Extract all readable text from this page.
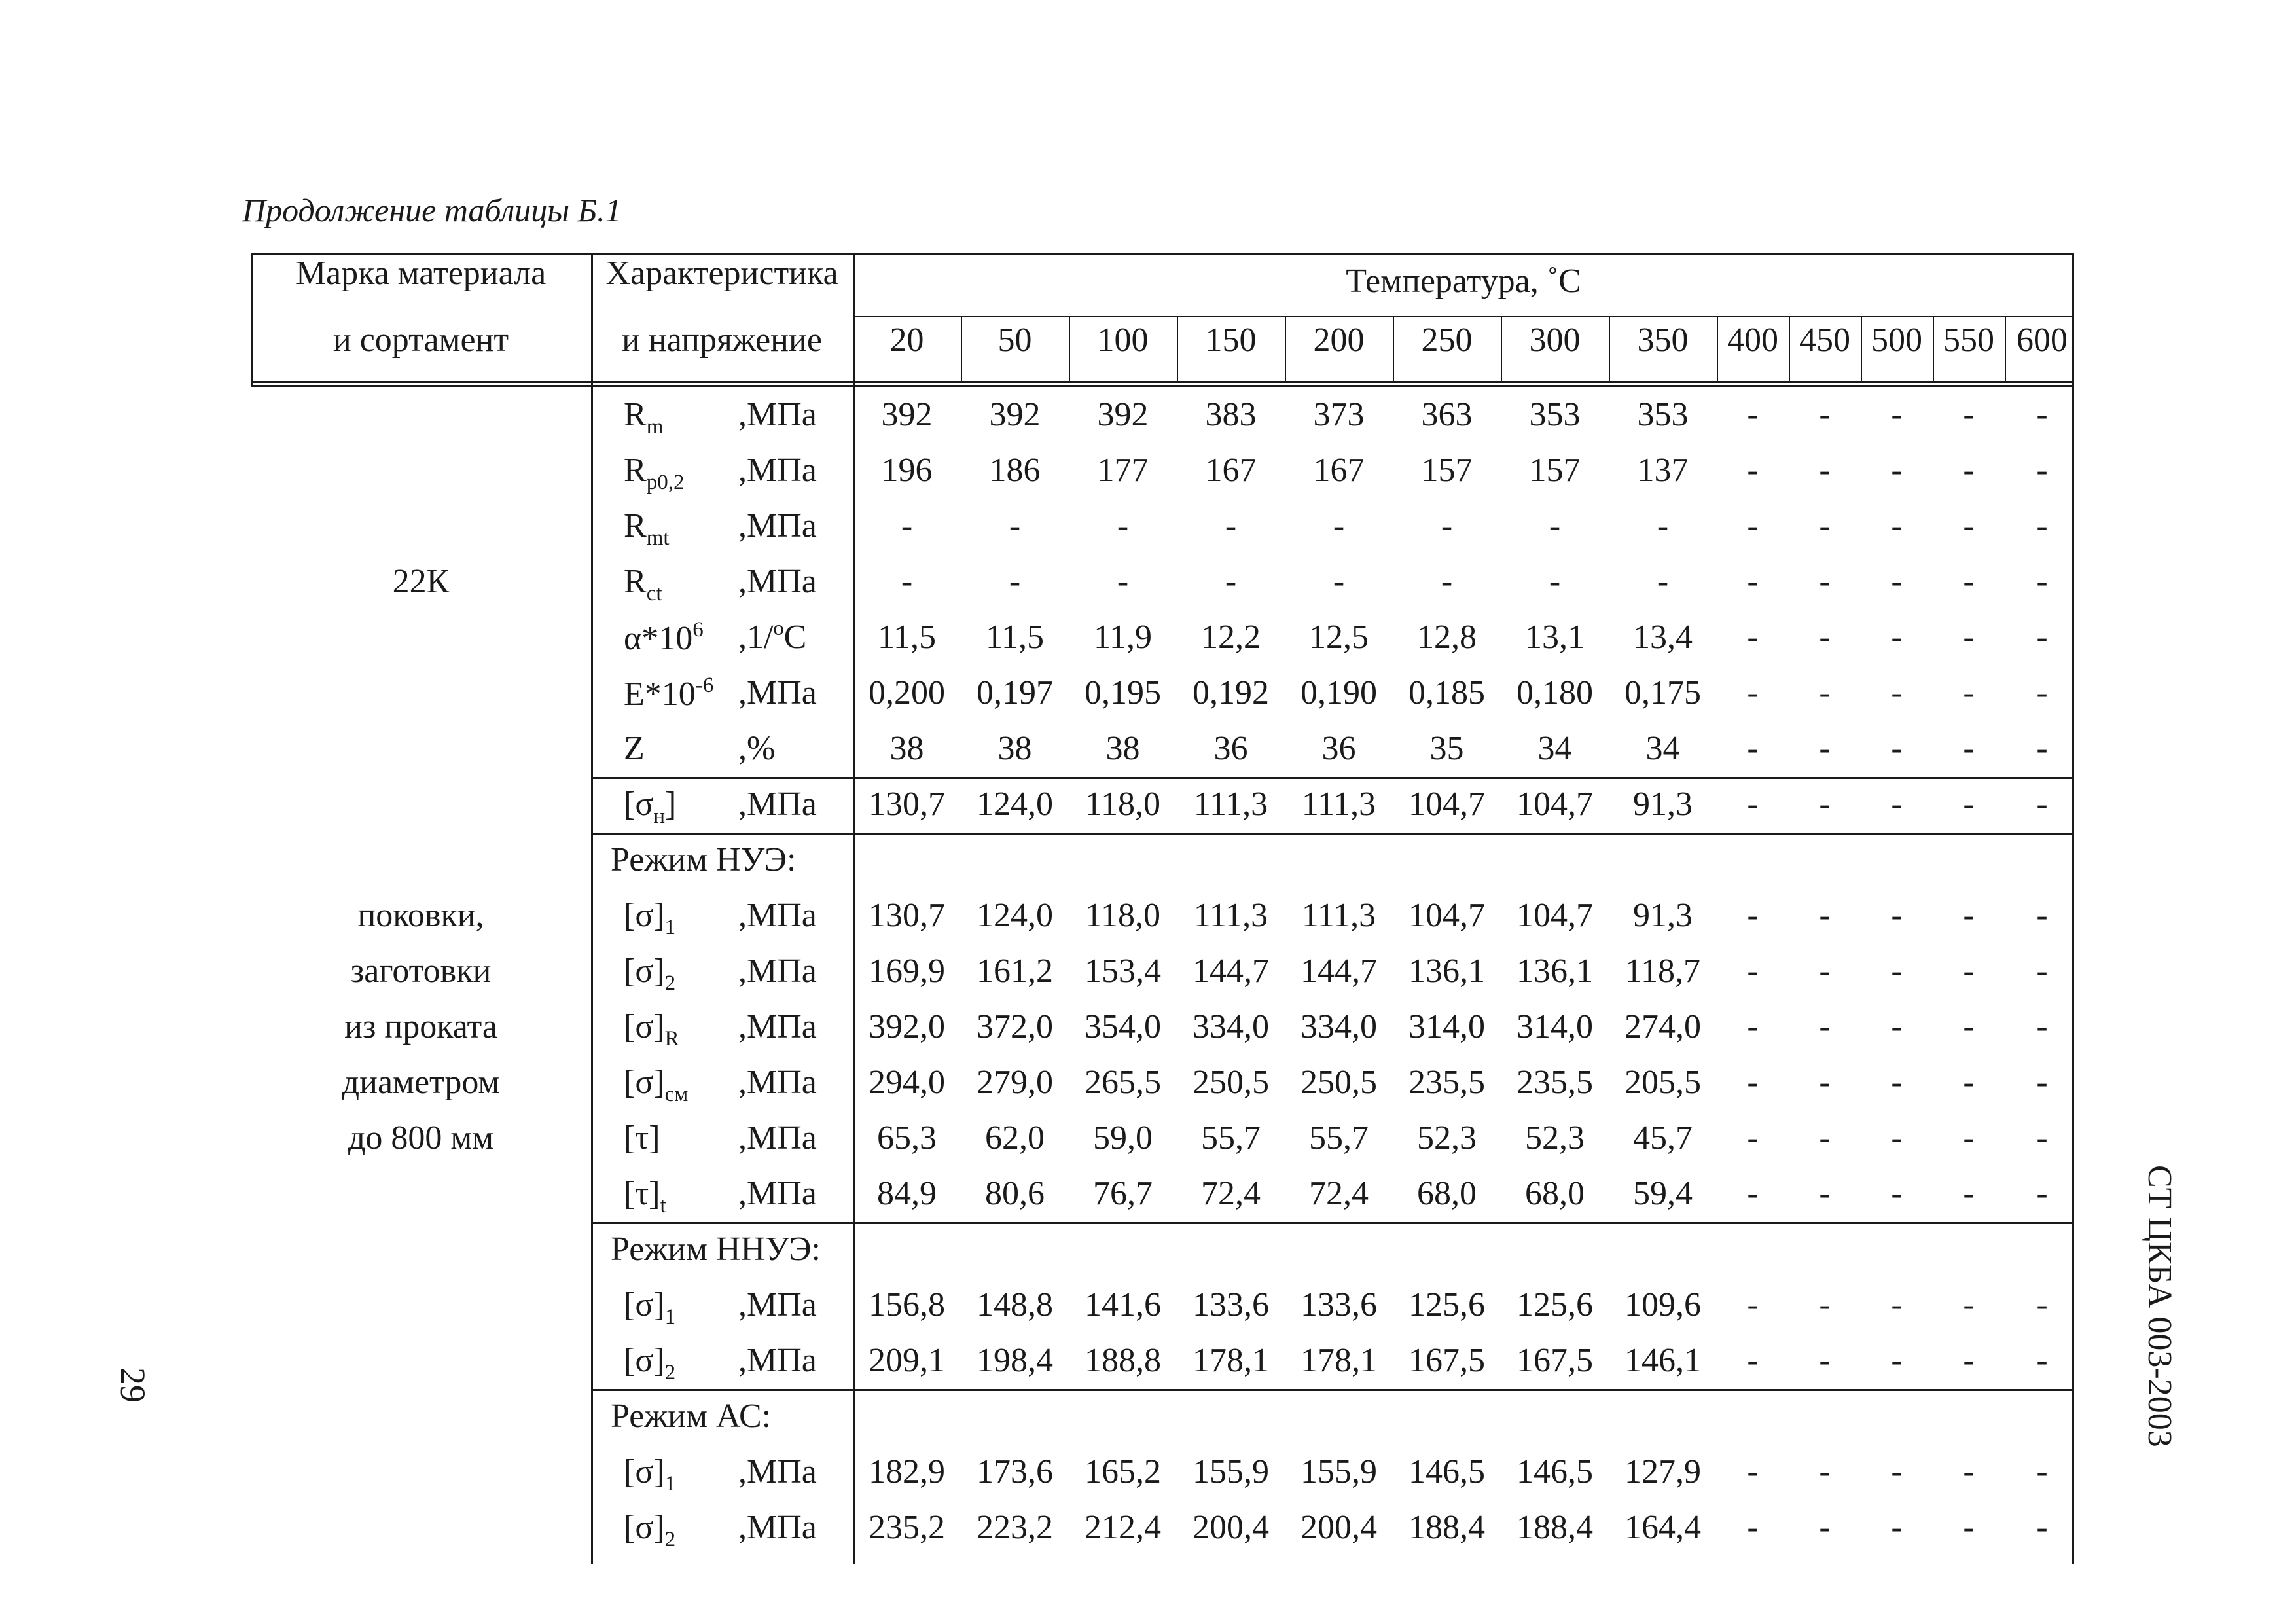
Продолжение таблицы Б.1
СТ ЦКБА 003-2003
29
Марка материала
и сортамент
Характеристика
и напряжение
Температура, ˚С
20	50	100	150	200	250	300	350	400 450 500 550 600
22К
поковки,
заготовки
из проката
диаметром
до 800 мм
$R_m$ ,МПа	392	392	392	383	373	363	353	353	-	-	-	-	-
$R_{p0,2}$ ,МПа	196	186	177	167	167	157	157	137	-	-	-	-	-
$R_{mt}$ ,МПа	-	-	-	-	-	-	-	-	-	-	-	-	-
$R_{ct}$ ,МПа	-	-	-	-	-	-	-	-	-	-	-	-	-
$\alpha*10^6$ ,1/ºС	11,5	11,5	11,9	12,2	12,5	12,8	13,1	13,4	-	-	-	-	-
$E*10^{-6}$ ,МПа	0,200 0,197 0,195 0,192 0,190 0,185 0,180 0,175	-	-	-	-	-
Z	,%	38	38	38	36	36	35	34	34	-	-	-	-	-
$[\sigma_н]$ ,МПа	130,7 124,0 118,0 111,3 111,3 104,7 104,7	91,3	-	-	-	-	-
Режим НУЭ:
$[\sigma]_1$ ,МПа	130,7 124,0 118,0 111,3 111,3 104,7 104,7	91,3	-	-	-	-	-
$[\sigma]_2$ ,МПа	169,9 161,2 153,4 144,7 144,7 136,1 136,1 118,7	-	-	-	-	-
$[\sigma]_R$ ,МПа	392,0 372,0 354,0 334,0 334,0 314,0 314,0 274,0	-	-	-	-	-
$[\sigma]_{см}$ ,МПа	294,0 279,0 265,5 250,5 250,5 235,5 235,5 205,5	-	-	-	-	-
[τ] ,МПа	65,3	62,0	59,0	55,7	55,7	52,3	52,3	45,7	-	-	-	-	-
$[\tau]_t$ ,МПа	84,9	80,6	76,7	72,4	72,4	68,0	68,0	59,4	-	-	-	-	-
Режим ННУЭ:
$[\sigma]_1$ ,МПа	156,8 148,8 141,6 133,6 133,6 125,6 125,6 109,6	-	-	-	-	-
$[\sigma]_2$ ,МПа	209,1 198,4 188,8 178,1 178,1 167,5 167,5 146,1	-	-	-	-	-
Режим АС:
$[\sigma]_1$ ,МПа	182,9 173,6 165,2 155,9 155,9 146,5 146,5 127,9	-	-	-	-	-
$[\sigma]_2$ ,МПа	235,2 223,2 212,4 200,4 200,4 188,4 188,4 164,4	-	-	-	-	-
